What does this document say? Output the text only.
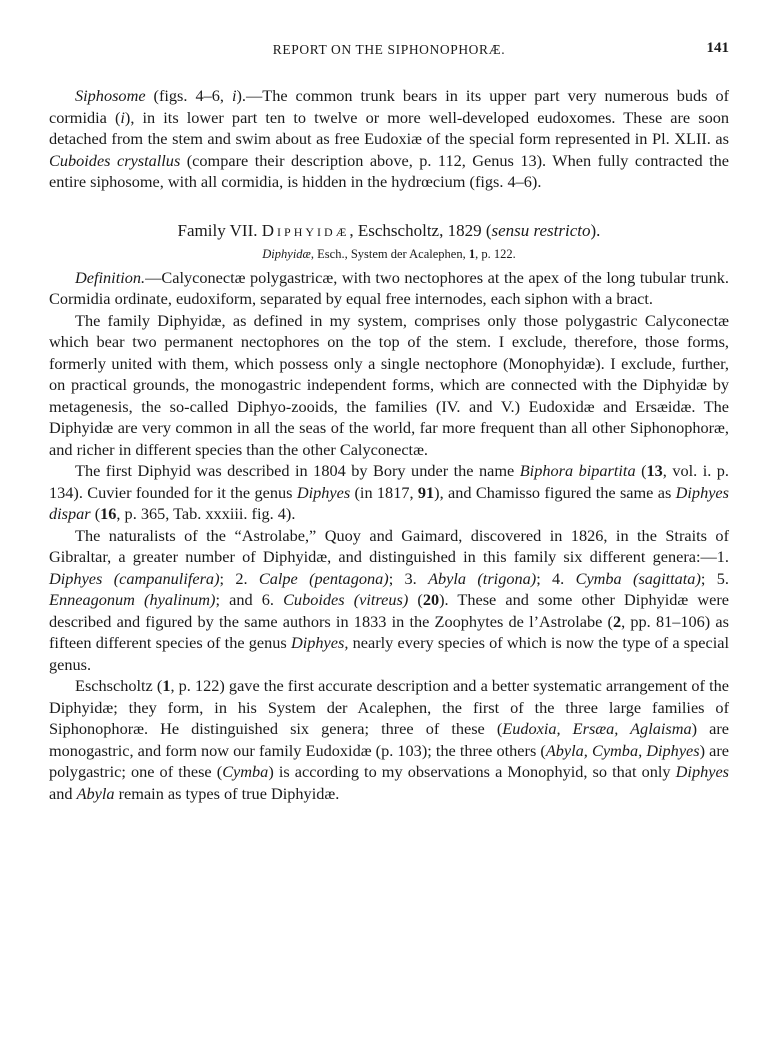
REPORT ON THE SIPHONOPHORÆ.	141

Siphosome (figs. 4–6, i).—The common trunk bears in its upper part very numerous buds of cormidia (i), in its lower part ten to twelve or more well-developed eudoxomes. These are soon detached from the stem and swim about as free Eudoxiæ of the special form represented in Pl. XLII. as Cuboides crystallus (compare their description above, p. 112, Genus 13). When fully contracted the entire siphosome, with all cormidia, is hidden in the hydrœcium (figs. 4–6).

Family VII. Diphyidæ, Eschscholtz, 1829 (sensu restricto).
Diphyidæ, Esch., System der Acalephen, 1, p. 122.

Definition.—Calyconectæ polygastricæ, with two nectophores at the apex of the long tubular trunk. Cormidia ordinate, eudoxiform, separated by equal free internodes, each siphon with a bract.

The family Diphyidæ, as defined in my system, comprises only those polygastric Calyconectæ which bear two permanent nectophores on the top of the stem. I exclude, therefore, those forms, formerly united with them, which possess only a single nectophore (Monophyidæ). I exclude, further, on practical grounds, the monogastric independent forms, which are connected with the Diphyidæ by metagenesis, the so-called Diphyo-zooids, the families (IV. and V.) Eudoxidæ and Ersæidæ. The Diphyidæ are very common in all the seas of the world, far more frequent than all other Siphonophoræ, and richer in different species than the other Calyconectæ.

The first Diphyid was described in 1804 by Bory under the name Biphora bipartita (13, vol. i. p. 134). Cuvier founded for it the genus Diphyes (in 1817, 91), and Chamisso figured the same as Diphyes dispar (16, p. 365, Tab. xxxiii. fig. 4).

The naturalists of the “Astrolabe,” Quoy and Gaimard, discovered in 1826, in the Straits of Gibraltar, a greater number of Diphyidæ, and distinguished in this family six different genera:—1. Diphyes (campanulifera); 2. Calpe (pentagona); 3. Abyla (trigona); 4. Cymba (sagittata); 5. Enneagonum (hyalinum); and 6. Cuboides (vitreus) (20). These and some other Diphyidæ were described and figured by the same authors in 1833 in the Zoophytes de l’Astrolabe (2, pp. 81–106) as fifteen different species of the genus Diphyes, nearly every species of which is now the type of a special genus.

Eschscholtz (1, p. 122) gave the first accurate description and a better systematic arrangement of the Diphyidæ; they form, in his System der Acalephen, the first of the three large families of Siphonophoræ. He distinguished six genera; three of these (Eudoxia, Ersæa, Aglaisma) are monogastric, and form now our family Eudoxidæ (p. 103); the three others (Abyla, Cymba, Diphyes) are polygastric; one of these (Cymba) is according to my observations a Monophyid, so that only Diphyes and Abyla remain as types of true Diphyidæ.
